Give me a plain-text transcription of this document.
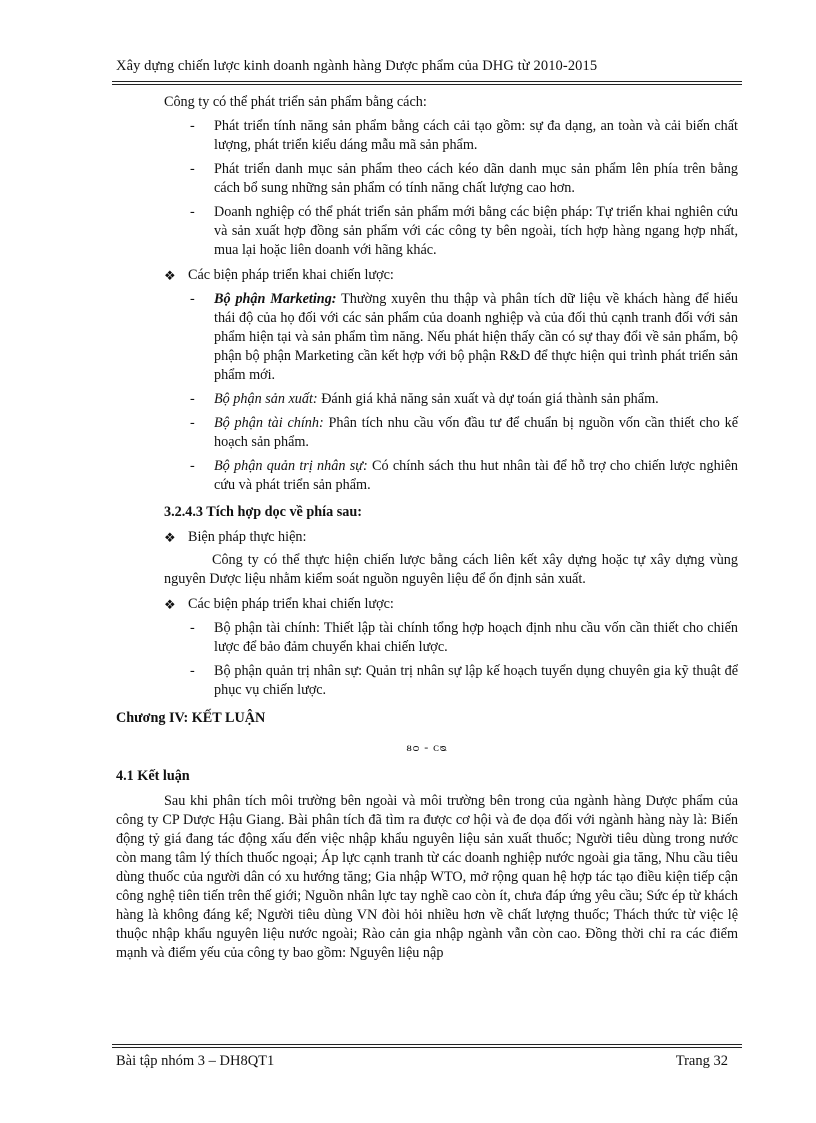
Xây dựng chiến lược kinh doanh ngành hàng Dược phẩm của DHG từ 2010-2015

Công ty có thể phát triển sản phẩm bằng cách:

- Phát triển tính năng sản phẩm bằng cách cải tạo gồm: sự đa dạng, an toàn và cải biến chất lượng, phát triển kiểu dáng mẫu mã sản phẩm.
- Phát triển danh mục sản phẩm theo cách kéo dãn danh mục sản phẩm lên phía trên bằng cách bổ sung những sản phẩm có tính năng chất lượng cao hơn.
- Doanh nghiệp có thể phát triển sản phẩm mới bằng các biện pháp: Tự triển khai nghiên cứu và sản xuất hợp đồng sản phẩm với các công ty bên ngoài, tích hợp hàng ngang hợp nhất, mua lại hoặc liên doanh với hãng khác.
❖ Các biện pháp triển khai chiến lược:
- Bộ phận Marketing: Thường xuyên thu thập và phân tích dữ liệu về khách hàng để hiểu thái độ của họ đối với các sản phẩm của doanh nghiệp và của đối thủ cạnh tranh đối với sản phẩm hiện tại và sản phẩm tìm năng. Nếu phát hiện thấy cần có sự thay đổi về sản phẩm, bộ phận bộ phận Marketing cần kết hợp với bộ phận R&D để thực hiện qui trình phát triển sản phẩm mới.
- Bộ phận sản xuất: Đánh giá khả năng sản xuất và dự toán giá thành sản phẩm.
- Bộ phận tài chính: Phân tích nhu cầu vốn đầu tư để chuẩn bị nguồn vốn cần thiết cho kế hoạch sản phẩm.
- Bộ phận quản trị nhân sự: Có chính sách thu hut nhân tài để hỗ trợ cho chiến lược nghiên cứu và phát triển sản phẩm.

3.2.4.3 Tích hợp dọc về phía sau:

❖ Biện pháp thực hiện:

Công ty có thể thực hiện chiến lược bằng cách liên kết xây dựng hoặc tự xây dựng vùng nguyên Dược liệu nhằm kiểm soát nguồn nguyên liệu để ổn định sản xuất.

❖ Các biện pháp triển khai chiến lược:
- Bộ phận tài chính: Thiết lập tài chính tổng hợp hoạch định nhu cầu vốn cần thiết cho chiến lược để bảo đảm chuyển khai chiến lược.
- Bộ phận quản trị nhân sự: Quản trị nhân sự lập kế hoạch tuyển dụng chuyên gia kỹ thuật để phục vụ chiến lược.

Chương IV: KẾT LUẬN

ᴕᴑ - ᴄᴓ

4.1 Kết luận

Sau khi phân tích môi trường bên ngoài và môi trường bên trong của ngành hàng Dược phẩm của công ty CP Dược Hậu Giang. Bài phân tích đã tìm ra được cơ hội và đe dọa đối với ngành hàng này là: Biến động tỷ giá đang tác động xấu đến việc nhập khẩu nguyên liệu sản xuất thuốc; Người tiêu dùng trong nước còn mang tâm lý thích thuốc ngoại; Áp lực cạnh tranh từ các doanh nghiệp nước ngoài gia tăng, Nhu cầu tiêu dùng thuốc của người dân có xu hướng tăng; Gia nhập WTO, mở rộng quan hệ hợp tác tạo điều kiện tiếp cận công nghệ tiên tiến trên thế giới; Nguồn nhân lực tay nghề cao còn ít, chưa đáp ứng yêu cầu; Sức ép từ khách hàng là không đáng kể; Người tiêu dùng VN đòi hỏi nhiều hơn về chất lượng thuốc; Thách thức từ việc lệ thuộc nhập khẩu nguyên liệu nước ngoài; Rào cản gia nhập ngành vẫn còn cao. Đồng thời chỉ ra các điểm mạnh và điểm yếu của công ty bao gồm: Nguyên liệu nập

Bài tập nhóm 3 – DH8QT1	Trang 32
